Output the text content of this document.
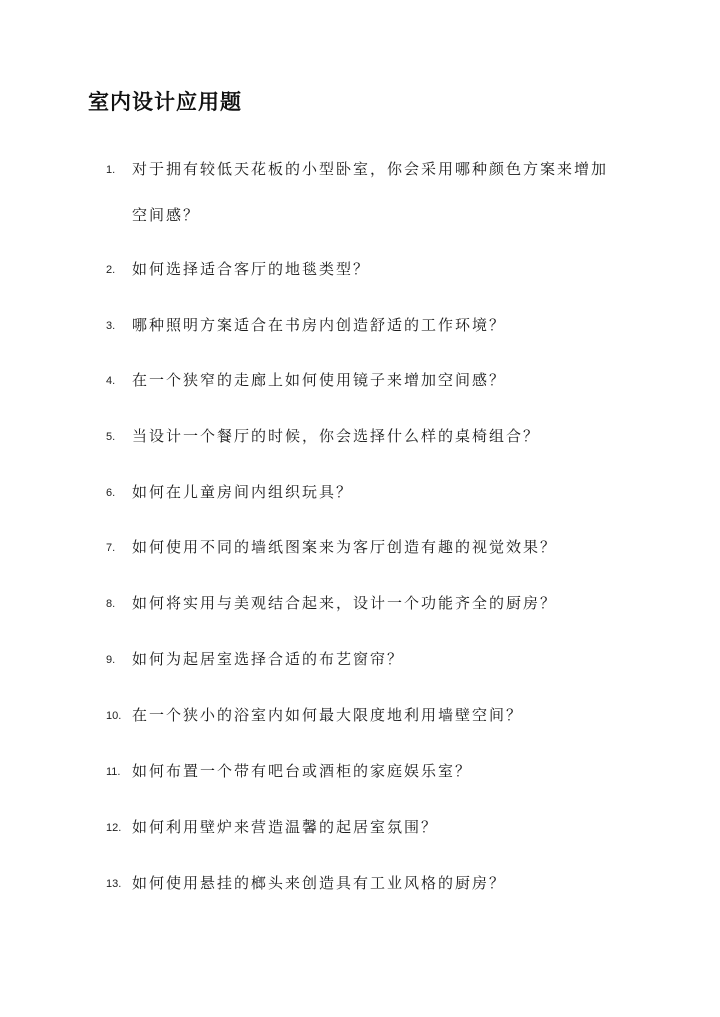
室内设计应用题
1.	对于拥有较低天花板的小型卧室，你会采用哪种颜色方案来增加空间感？
2.	如何选择适合客厅的地毯类型？
3.	哪种照明方案适合在书房内创造舒适的工作环境？
4.	在一个狭窄的走廊上如何使用镜子来增加空间感？
5.	当设计一个餐厅的时候，你会选择什么样的桌椅组合？
6.	如何在儿童房间内组织玩具？
7.	如何使用不同的墙纸图案来为客厅创造有趣的视觉效果？
8.	如何将实用与美观结合起来，设计一个功能齐全的厨房？
9.	如何为起居室选择合适的布艺窗帘？
10. 在一个狭小的浴室内如何最大限度地利用墙壁空间？
11. 如何布置一个带有吧台或酒柜的家庭娱乐室？
12. 如何利用壁炉来营造温馨的起居室氛围？
13. 如何使用悬挂的榔头来创造具有工业风格的厨房？
